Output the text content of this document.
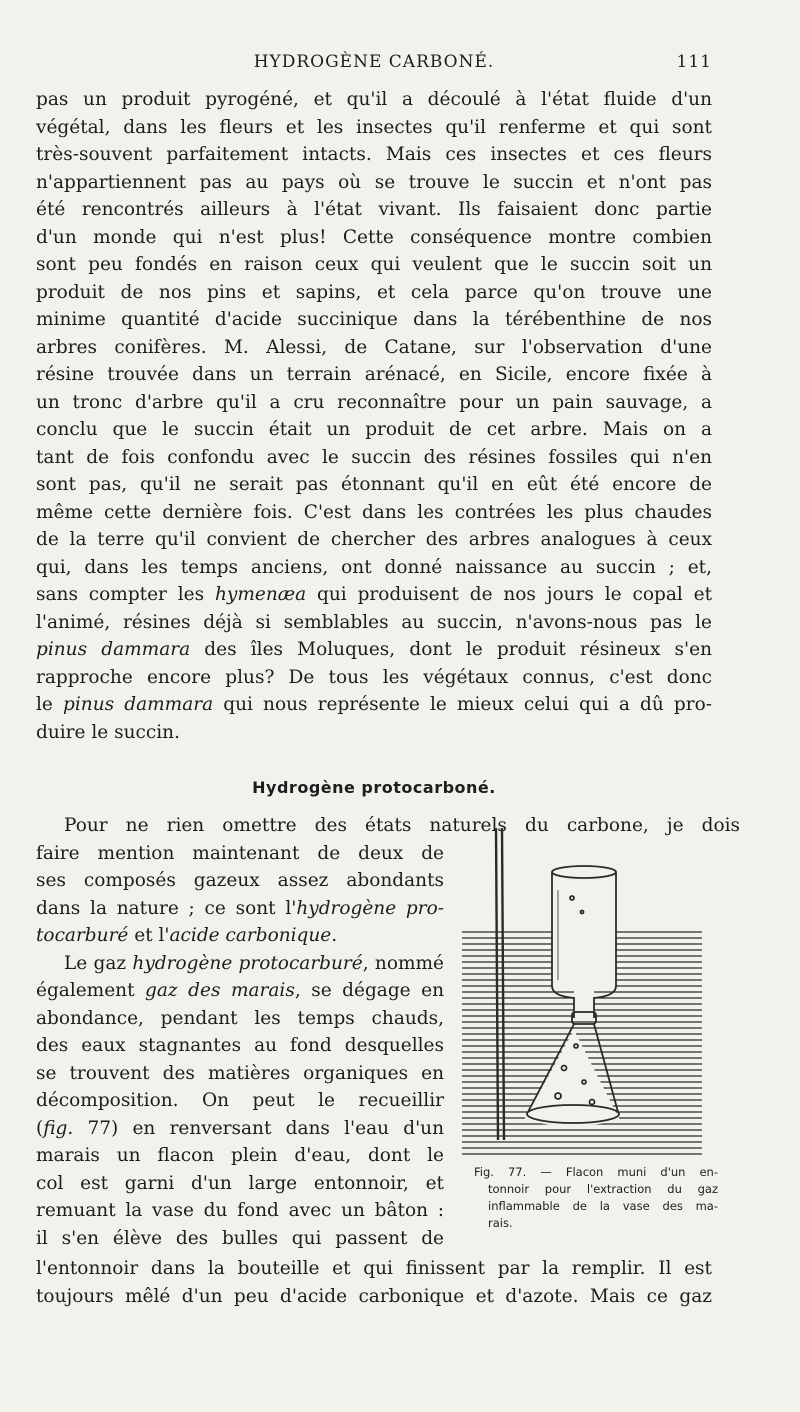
HYDROGÈNE CARBONÉ.	111
pas un produit pyrogéné, et qu'il a découlé à l'état fluide d'un
végétal, dans les fleurs et les insectes qu'il renferme et qui sont
très-souvent parfaitement intacts. Mais ces insectes et ces fleurs
n'appartiennent pas au pays où se trouve le succin et n'ont pas
été rencontrés ailleurs à l'état vivant. Ils faisaient donc partie
d'un monde qui n'est plus! Cette conséquence montre combien
sont peu fondés en raison ceux qui veulent que le succin soit un
produit de nos pins et sapins, et cela parce qu'on trouve une
minime quantité d'acide succinique dans la térébenthine de nos
arbres conifères. M. Alessi, de Catane, sur l'observation d'une
résine trouvée dans un terrain arénacé, en Sicile, encore fixée à
un tronc d'arbre qu'il a cru reconnaître pour un pain sauvage, a
conclu que le succin était un produit de cet arbre. Mais on a
tant de fois confondu avec le succin des résines fossiles qui n'en
sont pas, qu'il ne serait pas étonnant qu'il en eût été encore de
même cette dernière fois. C'est dans les contrées les plus chaudes
de la terre qu'il convient de chercher des arbres analogues à ceux
qui, dans les temps anciens, ont donné naissance au succin ; et,
sans compter les hymenæa qui produisent de nos jours le copal et
l'animé, résines déjà si semblables au succin, n'avons-nous pas le
pinus dammara des îles Moluques, dont le produit résineux s'en
rapproche encore plus? De tous les végétaux connus, c'est donc
le pinus dammara qui nous représente le mieux celui qui a dû pro-
duire le succin.
Hydrogène protocarboné.
Pour ne rien omettre des états naturels du carbone, je dois
faire mention maintenant de deux de
ses composés gazeux assez abondants
dans la nature ; ce sont l'hydrogène pro-
tocarburé et l'acide carbonique.
Le gaz hydrogène protocarburé, nommé
également gaz des marais, se dégage en
abondance, pendant les temps chauds,
des eaux stagnantes au fond desquelles
se trouvent des matières organiques en
décomposition. On peut le recueillir
(fig. 77) en renversant dans l'eau d'un
marais un flacon plein d'eau, dont le
col est garni d'un large entonnoir, et
remuant la vase du fond avec un bâton :
il s'en élève des bulles qui passent de
Fig. 77. — Flacon muni d'un en-
tonnoir pour l'extraction du gaz
inflammable de la vase des ma-
rais.
l'entonnoir dans la bouteille et qui finissent par la remplir. Il est
toujours mêlé d'un peu d'acide carbonique et d'azote. Mais ce gaz
